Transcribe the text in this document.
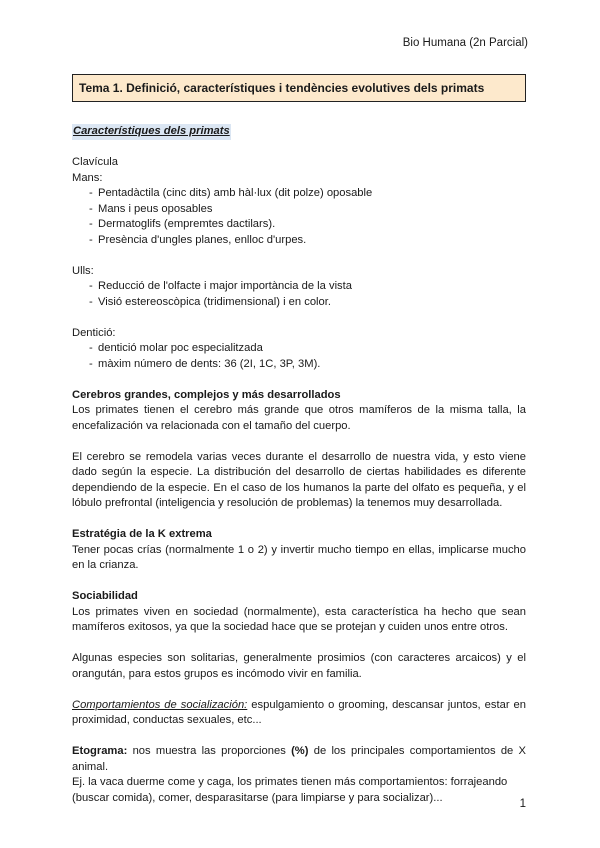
Bio Humana (2n Parcial)
Tema 1. Definició, característiques i tendències evolutives dels primats
Característiques dels primats
Clavícula
Mans:
- Pentadàctila (cinc dits) amb hàl·lux (dit polze) oposable
- Mans i peus oposables
- Dermatoglifs (empremtes dactilars).
- Presència d'ungles planes, enlloc d'urpes.
Ulls:
- Reducció de l'olfacte i major importància de la vista
- Visió estereoscòpica (tridimensional) i en color.
Dentició:
- dentició molar poc especialitzada
- màxim número de dents: 36 (2I, 1C, 3P, 3M).
Cerebros grandes, complejos y más desarrollados

Los primates tienen el cerebro más grande que otros mamíferos de la misma talla, la encefalización va relacionada con el tamaño del cuerpo.

El cerebro se remodela varias veces durante el desarrollo de nuestra vida, y esto viene dado según la especie. La distribución del desarrollo de ciertas habilidades es diferente dependiendo de la especie. En el caso de los humanos la parte del olfato es pequeña, y el lóbulo prefrontal (inteligencia y resolución de problemas) la tenemos muy desarrollada.

Estratégia de la K extrema

Tener pocas crías (normalmente 1 o 2) y invertir mucho tiempo en ellas, implicarse mucho en la crianza.

Sociabilidad

Los primates viven en sociedad (normalmente), esta característica ha hecho que sean mamíferos exitosos, ya que la sociedad hace que se protejan y cuiden unos entre otros.

Algunas especies son solitarias, generalmente prosimios (con caracteres arcaicos) y el orangután, para estos grupos es incómodo vivir en familia.

Comportamientos de socialización: espulgamiento o grooming, descansar juntos, estar en proximidad, conductas sexuales, etc...

Etograma: nos muestra las proporciones (%) de los principales comportamientos de X animal.

Ej. la vaca duerme come y caga, los primates tienen más comportamientos: forrajeando (buscar comida), comer, desparasitarse (para limpiarse y para socializar)...
1
